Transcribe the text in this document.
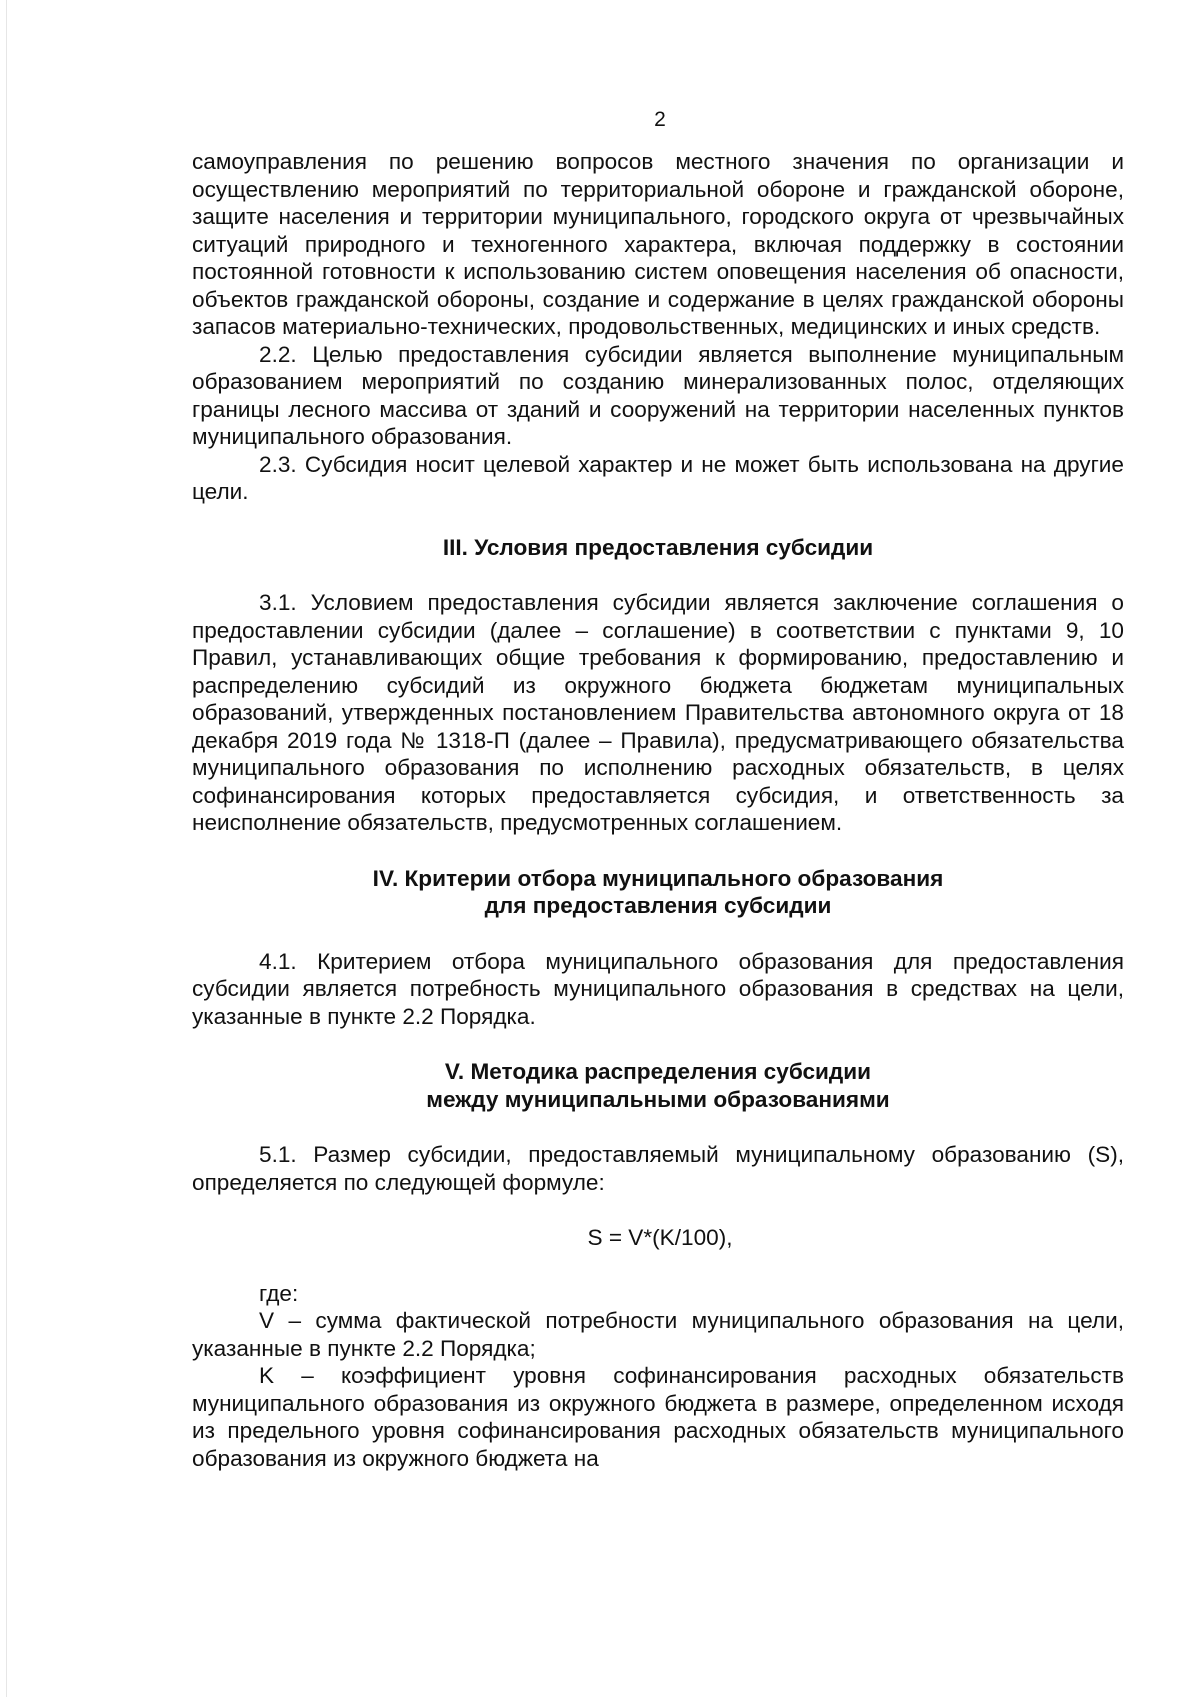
2

самоуправления по решению вопросов местного значения по организации и осуществлению мероприятий по территориальной обороне и гражданской обороне, защите населения и территории муниципального, городского округа от чрезвычайных ситуаций природного и техногенного характера, включая поддержку в состоянии постоянной готовности к использованию систем оповещения населения об опасности, объектов гражданской обороны, создание и содержание в целях гражданской обороны запасов материально-технических, продовольственных, медицинских и иных средств.

2.2. Целью предоставления субсидии является выполнение муниципальным образованием мероприятий по созданию минерализованных полос, отделяющих границы лесного массива от зданий и сооружений на территории населенных пунктов муниципального образования.

2.3. Субсидия носит целевой характер и не может быть использована на другие цели.

III. Условия предоставления субсидии

3.1. Условием предоставления субсидии является заключение соглашения о предоставлении субсидии (далее – соглашение) в соответствии с пунктами 9, 10 Правил, устанавливающих общие требования к формированию, предоставлению и распределению субсидий из окружного бюджета бюджетам муниципальных образований, утвержденных постановлением Правительства автономного округа от 18 декабря 2019 года № 1318-П (далее – Правила), предусматривающего обязательства муниципального образования по исполнению расходных обязательств, в целях софинансирования которых предоставляется субсидия, и ответственность за неисполнение обязательств, предусмотренных соглашением.

IV. Критерии отбора муниципального образования
для предоставления субсидии

4.1. Критерием отбора муниципального образования для предоставления субсидии является потребность муниципального образования в средствах на цели, указанные в пункте 2.2 Порядка.

V. Методика распределения субсидии
между муниципальными образованиями

5.1. Размер субсидии, предоставляемый муниципальному образованию (S), определяется по следующей формуле:

S = V*(K/100),

где:

V – сумма фактической потребности муниципального образования на цели, указанные в пункте 2.2 Порядка;

K – коэффициент уровня софинансирования расходных обязательств муниципального образования из окружного бюджета в размере, определенном исходя из предельного уровня софинансирования расходных обязательств муниципального образования из окружного бюджета на
